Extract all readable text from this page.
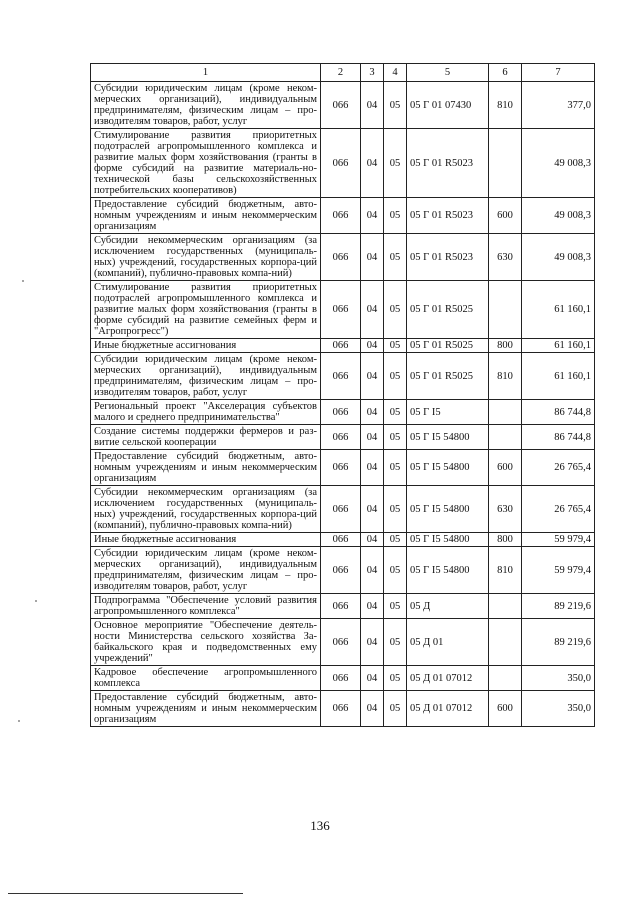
1	2	3	4	5	6	7
Субсидии юридическим лицам (кроме неком-мерческих организаций), индивидуальным предпринимателям, физическим лицам – про-изводителям товаров, работ, услуг	066	04	05	05 Г 01 07430	810	377,0
Стимулирование развития приоритетных подотраслей агропромышленного комплекса и развитие малых форм хозяйствования (гранты в форме субсидий на развитие материаль-но-технической базы сельскохозяйственных потребительских кооперативов)	066	04	05	05 Г 01 R5023		49 008,3
Предоставление субсидий бюджетным, авто-номным учреждениям и иным некоммерческим организациям	066	04	05	05 Г 01 R5023	600	49 008,3
Субсидии некоммерческим организациям (за исключением государственных (муниципаль-ных) учреждений, государственных корпора-ций (компаний), публично-правовых компа-ний)	066	04	05	05 Г 01 R5023	630	49 008,3
Стимулирование развития приоритетных подотраслей агропромышленного комплекса и развитие малых форм хозяйствования (гранты в форме субсидий на развитие семейных ферм и "Агропрогресс")	066	04	05	05 Г 01 R5025		61 160,1
Иные бюджетные ассигнования	066	04	05	05 Г 01 R5025	800	61 160,1
Субсидии юридическим лицам (кроме неком-мерческих организаций), индивидуальным предпринимателям, физическим лицам – про-изводителям товаров, работ, услуг	066	04	05	05 Г 01 R5025	810	61 160,1
Региональный проект "Акселерация субъектов малого и среднего предпринимательства"	066	04	05	05 Г I5		86 744,8
Создание системы поддержки фермеров и раз-витие сельской кооперации	066	04	05	05 Г I5 54800		86 744,8
Предоставление субсидий бюджетным, авто-номным учреждениям и иным некоммерческим организациям	066	04	05	05 Г I5 54800	600	26 765,4
Субсидии некоммерческим организациям (за исключением государственных (муниципаль-ных) учреждений, государственных корпора-ций (компаний), публично-правовых компа-ний)	066	04	05	05 Г I5 54800	630	26 765,4
Иные бюджетные ассигнования	066	04	05	05 Г I5 54800	800	59 979,4
Субсидии юридическим лицам (кроме неком-мерческих организаций), индивидуальным предпринимателям, физическим лицам – про-изводителям товаров, работ, услуг	066	04	05	05 Г I5 54800	810	59 979,4
Подпрограмма "Обеспечение условий развития агропромышленного комплекса"	066	04	05	05 Д		89 219,6
Основное мероприятие "Обеспечение деятель-ности Министерства сельского хозяйства За-байкальского края и подведомственных ему учреждений"	066	04	05	05 Д 01		89 219,6
Кадровое обеспечение агропромышленного комплекса	066	04	05	05 Д 01 07012		350,0
Предоставление субсидий бюджетным, авто-номным учреждениям и иным некоммерческим организациям	066	04	05	05 Д 01 07012	600	350,0
136
